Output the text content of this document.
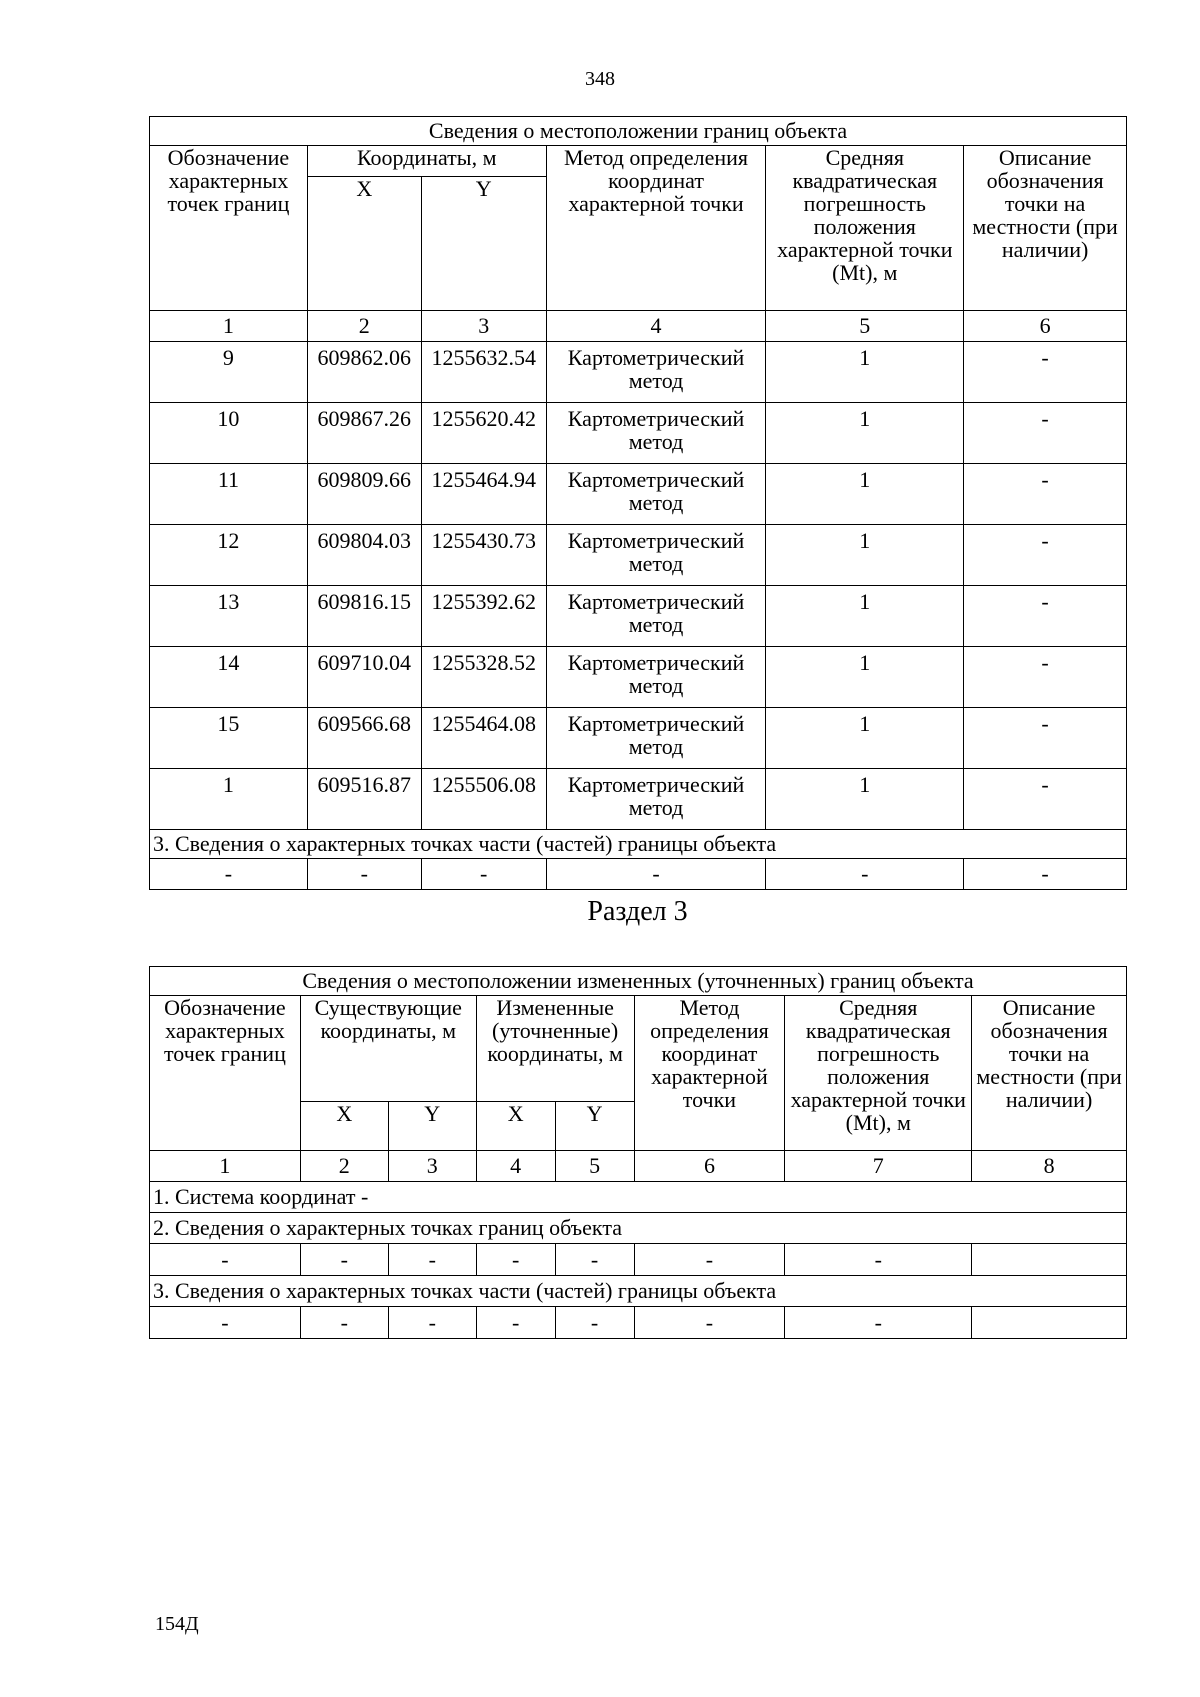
348
Сведения о местоположении границ объекта					
Обозначение характерных точек границ	Координаты, м		Метод определения координат характерной точки	Средняя квадратическая погрешность положения характерной точки (Mt), м	Описание обозначения точки на местности (при наличии)
	X	Y			
1	2	3	4	5	6
9	609862.06	1255632.54	Картометрический метод	1	-
10	609867.26	1255620.42	Картометрический метод	1	-
11	609809.66	1255464.94	Картометрический метод	1	-
12	609804.03	1255430.73	Картометрический метод	1	-
13	609816.15	1255392.62	Картометрический метод	1	-
14	609710.04	1255328.52	Картометрический метод	1	-
15	609566.68	1255464.08	Картометрический метод	1	-
1	609516.87	1255506.08	Картометрический метод	1	-
3. Сведения о характерных точках части (частей) границы объекта					
-	-	-	-	-	-
Раздел 3
Сведения о местоположении измененных (уточненных) границ объекта							
Обозначение характерных точек границ	Существующие координаты, м		Измененные (уточненные) координаты, м		Метод определения координат характерной точки	Средняя квадратическая погрешность положения характерной точки (Mt), м	Описание обозначения точки на местности (при наличии)
	X	Y	X	Y			
1	2	3	4	5	6	7	8
1. Система координат -							
2. Сведения о характерных точках границ объекта							
-	-	-	-	-	-	-	
3. Сведения о характерных точках части (частей) границы объекта							
-	-	-	-	-	-	-	
154Д
